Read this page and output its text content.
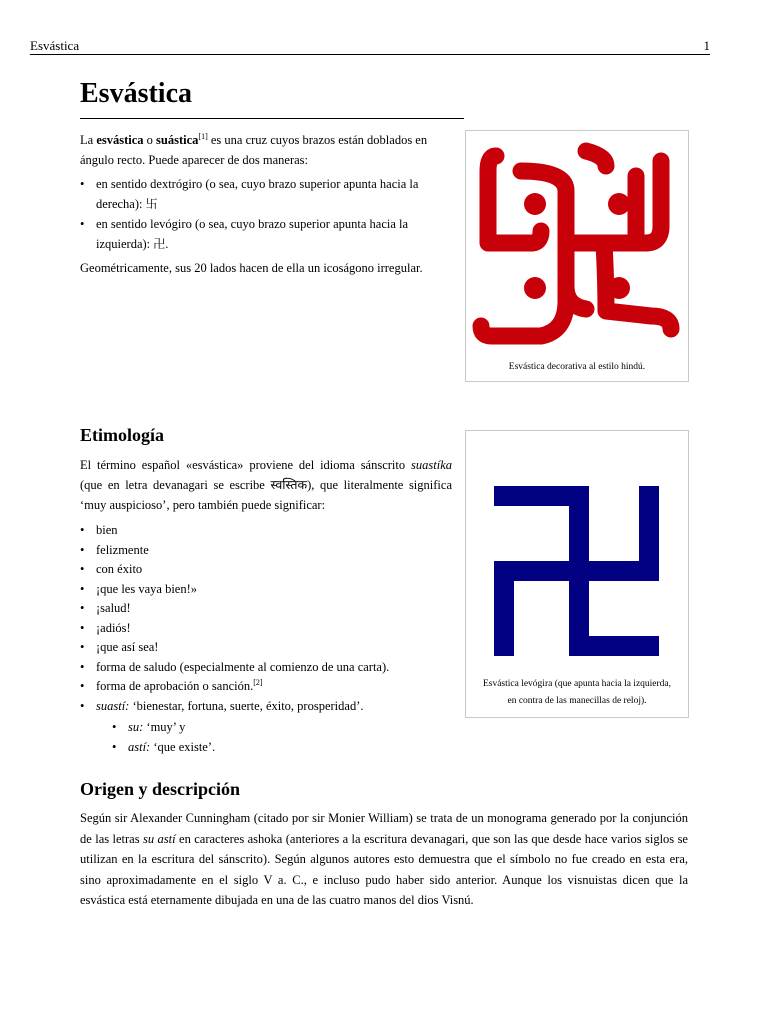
Esvástica	1
Esvástica

La esvástica o suástica[1] es una cruz cuyos brazos están doblados en ángulo recto. Puede aparecer de dos maneras:

• en sentido dextrógiro (o sea, cuyo brazo superior apunta hacia la derecha): 卐
• en sentido levógiro (o sea, cuyo brazo superior apunta hacia la izquierda): 卍.

Geométricamente, sus 20 lados hacen de ella un icoságono irregular.

Esvástica decorativa al estilo hindú.
Etimología

El término español «esvástica» proviene del idioma sánscrito suastíka (que en letra devanagari se escribe स्वस्तिक), que literalmente significa ‘muy auspicioso’, pero también puede significar:

• bien
• felizmente
• con éxito
• ¡que les vaya bien!»
• ¡salud!
• ¡adiós!
• ¡que así sea!
• forma de saludo (especialmente al comienzo de una carta).
• forma de aprobación o sanción.[2]
• suastí: ‘bienestar, fortuna, suerte, éxito, prosperidad’.
• su: ‘muy’ y
• astí: ‘que existe’.
Esvástica levógira (que apunta hacia la izquierda,
en contra de las manecillas de reloj).
Origen y descripción

Según sir Alexander Cunningham (citado por sir Monier William) se trata de un monograma generado por la conjunción de las letras su astí en caracteres ashoka (anteriores a la escritura devanagari, que son las que desde hace varios siglos se utilizan en la escritura del sánscrito). Según algunos autores esto demuestra que el símbolo no fue creado en esta era, sino aproximadamente en el siglo V a. C., e incluso pudo haber sido anterior. Aunque los visnuistas dicen que la esvástica está eternamente dibujada en una de las cuatro manos del dios Visnú.
